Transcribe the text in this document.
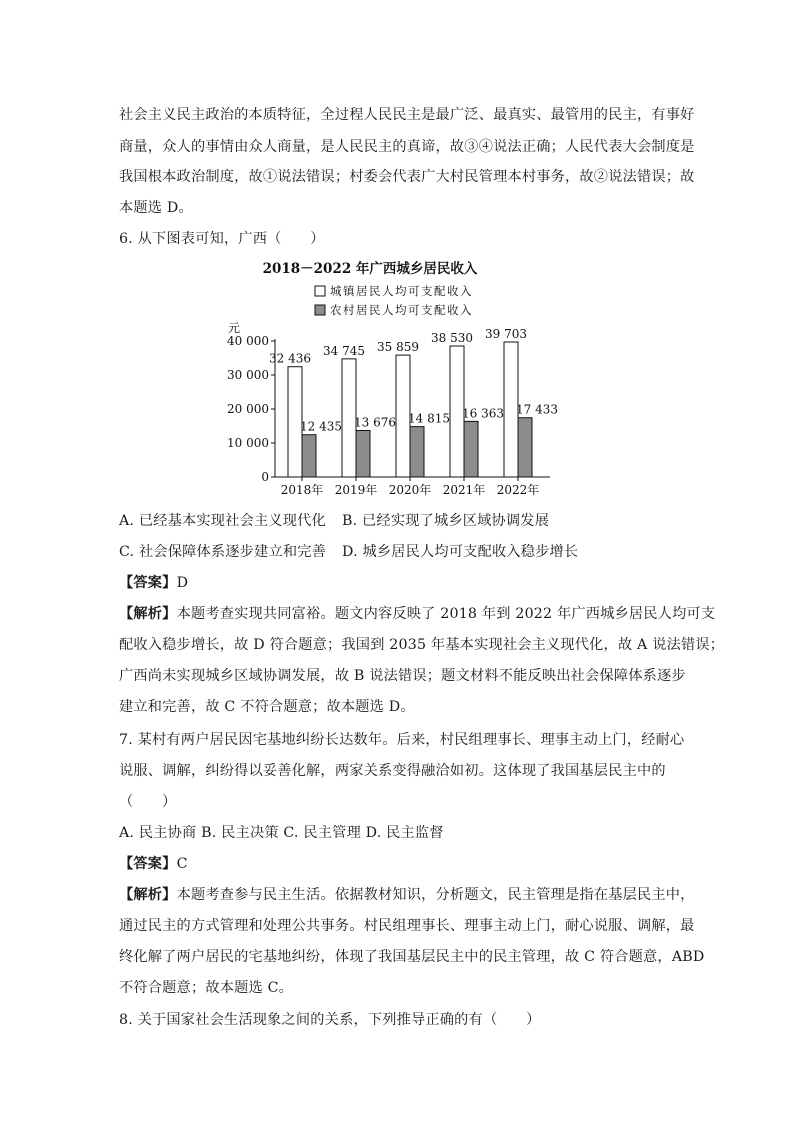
社会主义民主政治的本质特征，全过程人民民主是最广泛、最真实、最管用的民主，有事好
商量，众人的事情由众人商量，是人民民主的真谛，故③④说法正确；人民代表大会制度是
我国根本政治制度，故①说法错误；村委会代表广大村民管理本村事务，故②说法错误；故
本题选 D。
6. 从下图表可知，广西（　　）
2018－2022 年广西城乡居民收入
城镇居民人均可支配收入
农村居民人均可支配收入
元
0
10 000
20 000
30 000
40 000
32 436
12 435
34 745
13 676
35 859
14 815
38 530
16 363
39 703
17 433
2018年 2019年 2020年 2021年 2022年
A. 已经基本实现社会主义现代化 B. 已经实现了城乡区域协调发展
C. 社会保障体系逐步建立和完善 D. 城乡居民人均可支配收入稳步增长
【答案】D
【解析】本题考查实现共同富裕。题文内容反映了 2018 年到 2022 年广西城乡居民人均可支
配收入稳步增长，故 D 符合题意；我国到 2035 年基本实现社会主义现代化，故 A 说法错误；
广西尚未实现城乡区域协调发展，故 B 说法错误；题文材料不能反映出社会保障体系逐步
建立和完善，故 C 不符合题意；故本题选 D。
7. 某村有两户居民因宅基地纠纷长达数年。后来，村民组理事长、理事主动上门，经耐心
说服、调解，纠纷得以妥善化解，两家关系变得融洽如初。这体现了我国基层民主中的
（　　）
A. 民主协商 B. 民主决策 C. 民主管理 D. 民主监督
【答案】C
【解析】本题考查参与民主生活。依据教材知识，分析题文，民主管理是指在基层民主中，
通过民主的方式管理和处理公共事务。村民组理事长、理事主动上门，耐心说服、调解，最
终化解了两户居民的宅基地纠纷，体现了我国基层民主中的民主管理，故 C 符合题意，ABD
不符合题意；故本题选 C。
8. 关于国家社会生活现象之间的关系，下列推导正确的有（　　）
